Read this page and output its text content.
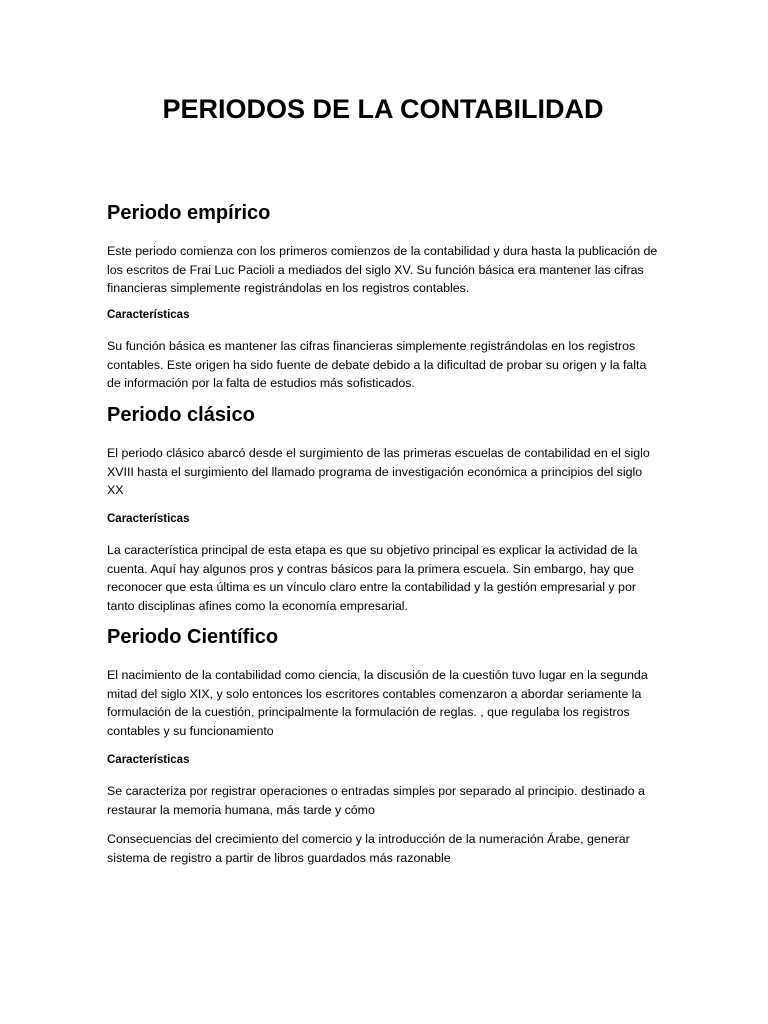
PERIODOS DE LA CONTABILIDAD
Periodo empírico

Este periodo comienza con los primeros comienzos de la contabilidad y dura hasta la publicación de los escritos de Frai Luc Pacioli a mediados del siglo XV. Su función básica era mantener las cifras financieras simplemente registrándolas en los registros contables.

Características

Su función básica es mantener las cifras financieras simplemente registrándolas en los registros contables. Este origen ha sido fuente de debate debido a la dificultad de probar su origen y la falta de información por la falta de estudios más sofisticados.

Periodo clásico

El periodo clásico abarcó desde el surgimiento de las primeras escuelas de contabilidad en el siglo XVIII hasta el surgimiento del llamado programa de investigación económica a principios del siglo XX

Características

La característica principal de esta etapa es que su objetivo principal es explicar la actividad de la cuenta. Aquí hay algunos pros y contras básicos para la primera escuela. Sin embargo, hay que reconocer que esta última es un vínculo claro entre la contabilidad y la gestión empresarial y por tanto disciplinas afines como la economía empresarial.

Periodo Científico

El nacimiento de la contabilidad como ciencia, la discusión de la cuestión tuvo lugar en la segunda mitad del siglo XIX, y solo entonces los escritores contables comenzaron a abordar seriamente la formulación de la cuestión, principalmente la formulación de reglas. , que regulaba los registros contables y su funcionamiento

Características

Se caracteriza por registrar operaciones o entradas simples por separado al principio. destinado a restaurar la memoria humana, más tarde y cómo

Consecuencias del crecimiento del comercio y la introducción de la numeración Árabe, generar sistema de registro a partir de libros guardados más razonable
